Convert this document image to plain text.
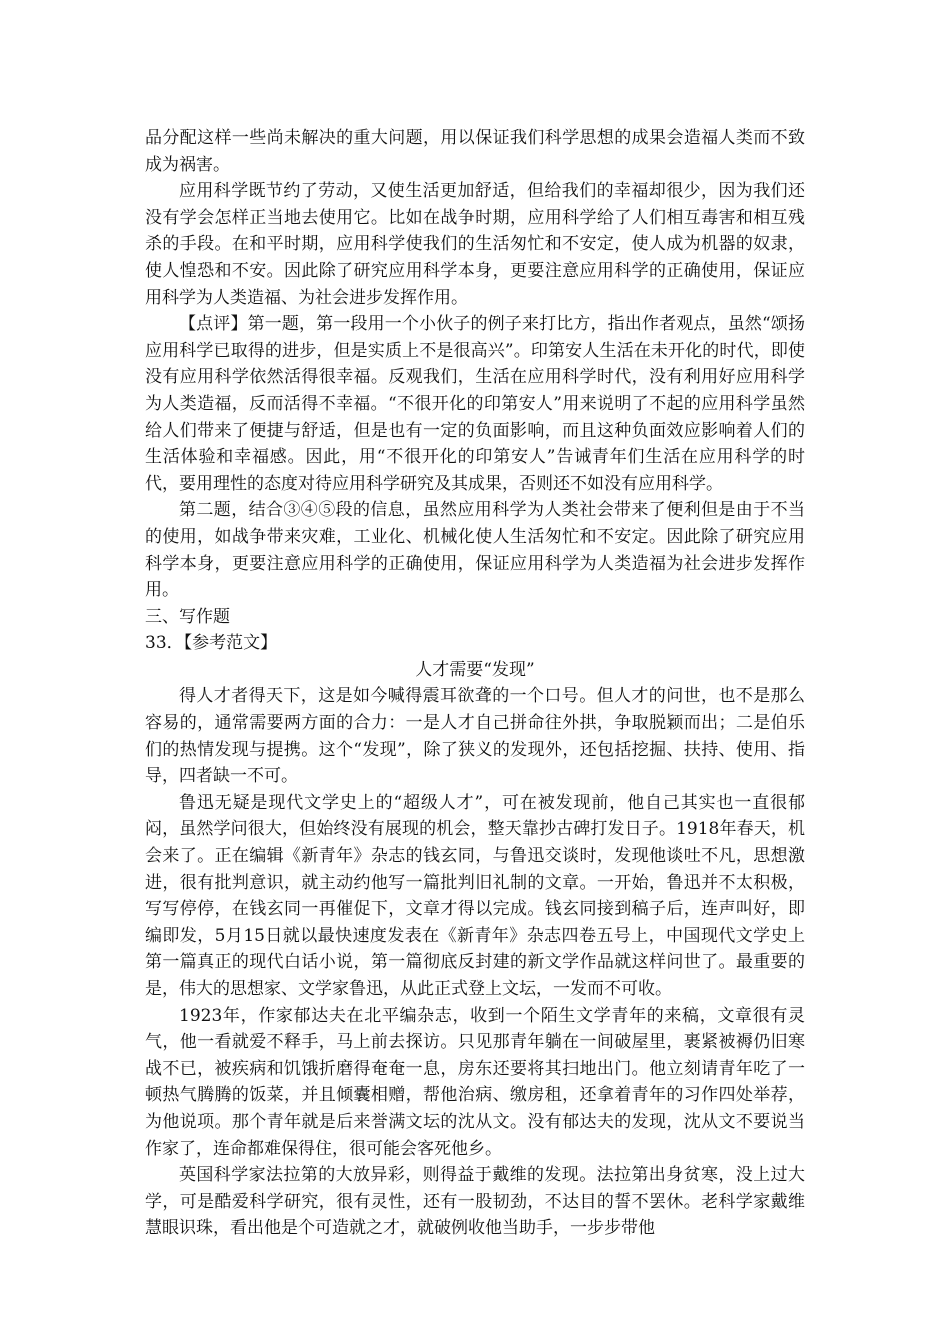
品分配这样一些尚未解决的重大问题，用以保证我们科学思想的成果会造福人类而不致成为祸害。

应用科学既节约了劳动，又使生活更加舒适，但给我们的幸福却很少，因为我们还没有学会怎样正当地去使用它。比如在战争时期，应用科学给了人们相互毒害和相互残杀的手段。在和平时期，应用科学使我们的生活匆忙和不安定，使人成为机器的奴隶，使人惶恐和不安。因此除了研究应用科学本身，更要注意应用科学的正确使用，保证应用科学为人类造福、为社会进步发挥作用。

【点评】第一题，第一段用一个小伙子的例子来打比方，指出作者观点，虽然“颂扬应用科学已取得的进步，但是实质上不是很高兴”。印第安人生活在未开化的时代，即使没有应用科学依然活得很幸福。反观我们，生活在应用科学时代，没有利用好应用科学为人类造福，反而活得不幸福。“不很开化的印第安人”用来说明了不起的应用科学虽然给人们带来了便捷与舒适，但是也有一定的负面影响，而且这种负面效应影响着人们的生活体验和幸福感。因此，用“不很开化的印第安人”告诫青年们生活在应用科学的时代，要用理性的态度对待应用科学研究及其成果，否则还不如没有应用科学。

第二题，结合③④⑤段的信息，虽然应用科学为人类社会带来了便利但是由于不当的使用，如战争带来灾难，工业化、机械化使人生活匆忙和不安定。因此除了研究应用科学本身，更要注意应用科学的正确使用，保证应用科学为人类造福为社会进步发挥作用。

三、写作题

33．【参考范文】

人才需要“发现”

得人才者得天下，这是如今喊得震耳欲聋的一个口号。但人才的问世，也不是那么容易的，通常需要两方面的合力：一是人才自己拼命往外拱，争取脱颖而出；二是伯乐们的热情发现与提携。这个“发现”，除了狭义的发现外，还包括挖掘、扶持、使用、指导，四者缺一不可。

鲁迅无疑是现代文学史上的“超级人才”，可在被发现前，他自己其实也一直很郁闷，虽然学问很大，但始终没有展现的机会，整天靠抄古碑打发日子。1918年春天，机会来了。正在编辑《新青年》杂志的钱玄同，与鲁迅交谈时，发现他谈吐不凡，思想激进，很有批判意识，就主动约他写一篇批判旧礼制的文章。一开始，鲁迅并不太积极，写写停停，在钱玄同一再催促下，文章才得以完成。钱玄同接到稿子后，连声叫好，即编即发，5月15日就以最快速度发表在《新青年》杂志四卷五号上，中国现代文学史上第一篇真正的现代白话小说，第一篇彻底反封建的新文学作品就这样问世了。最重要的是，伟大的思想家、文学家鲁迅，从此正式登上文坛，一发而不可收。

1923年，作家郁达夫在北平编杂志，收到一个陌生文学青年的来稿，文章很有灵气，他一看就爱不释手，马上前去探访。只见那青年躺在一间破屋里，裹紧被褥仍旧寒战不已，被疾病和饥饿折磨得奄奄一息，房东还要将其扫地出门。他立刻请青年吃了一顿热气腾腾的饭菜，并且倾囊相赠，帮他治病、缴房租，还拿着青年的习作四处举荐，为他说项。那个青年就是后来誉满文坛的沈从文。没有郁达夫的发现，沈从文不要说当作家了，连命都难保得住，很可能会客死他乡。

英国科学家法拉第的大放异彩，则得益于戴维的发现。法拉第出身贫寒，没上过大学，可是酷爱科学研究，很有灵性，还有一股韧劲，不达目的誓不罢休。老科学家戴维慧眼识珠，看出他是个可造就之才，就破例收他当助手，一步步带他
